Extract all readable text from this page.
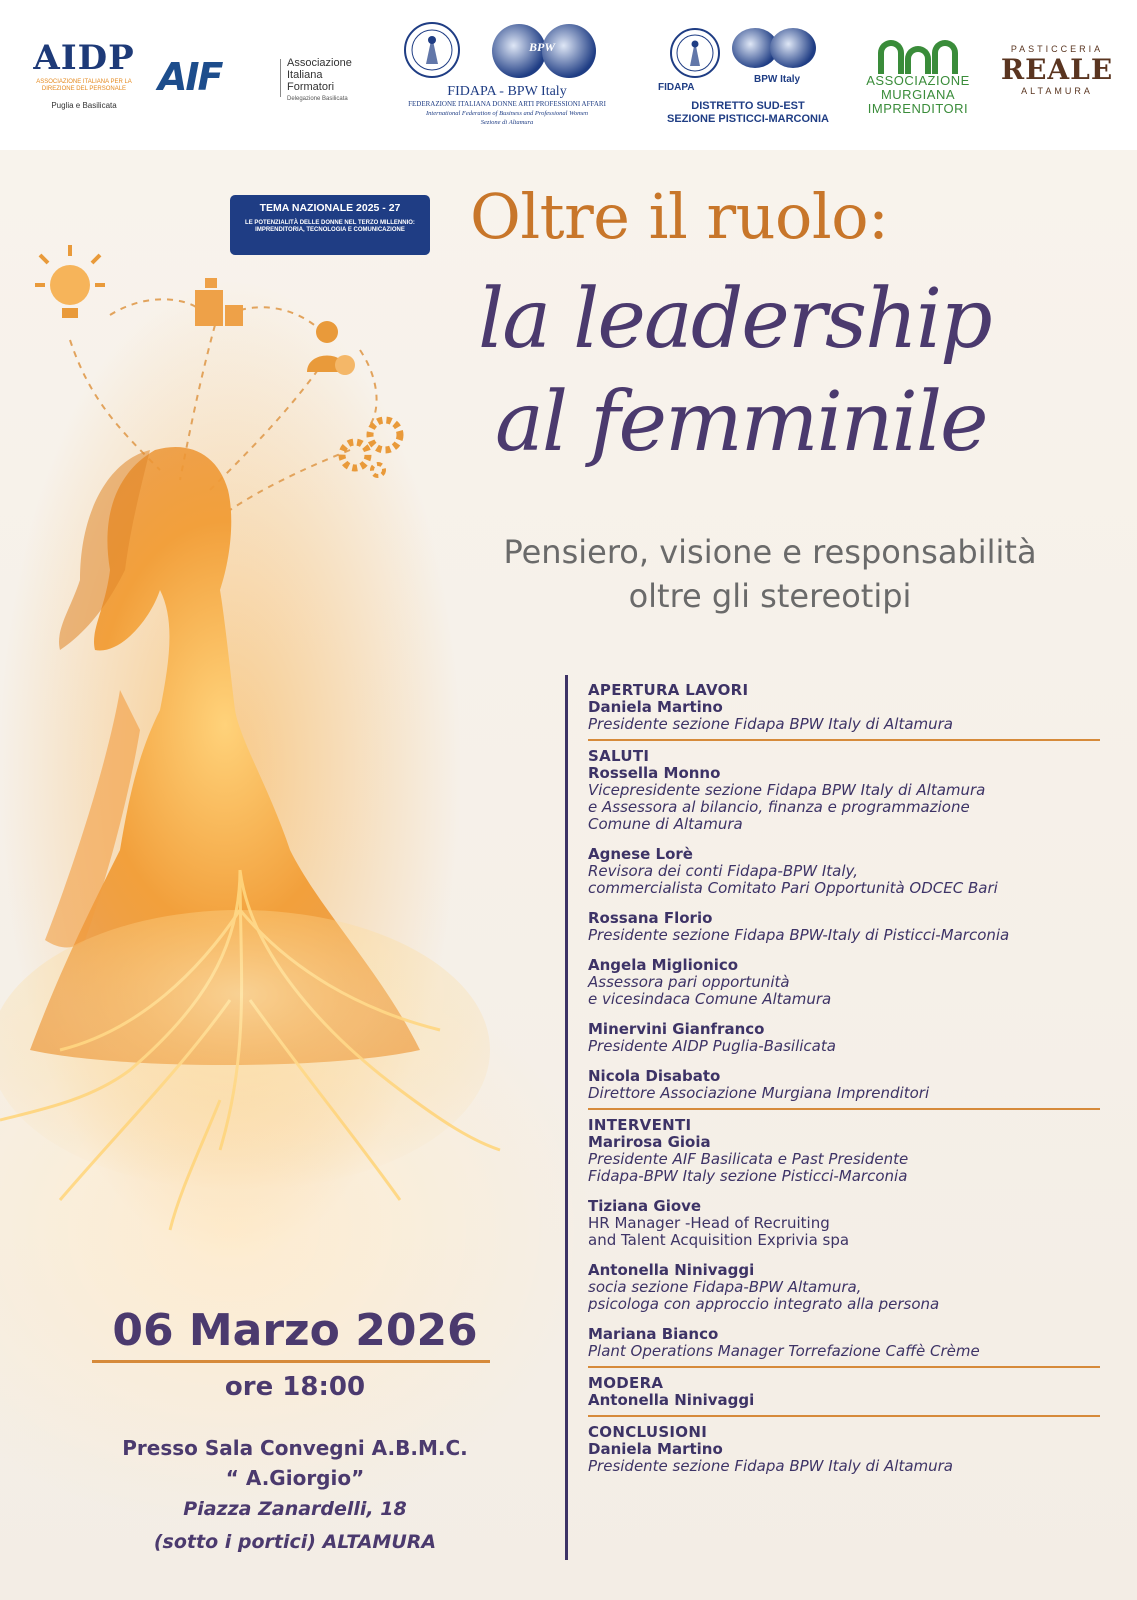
AIDP
ASSOCIAZIONE ITALIANA PER LA DIREZIONE DEL PERSONALE
Puglia e Basilicata
AIF	Associazione
Italiana
Formatori
Delegazione Basilicata
BPW
FIDAPA - BPW Italy
FEDERAZIONE ITALIANA DONNE ARTI PROFESSIONI AFFARI
International Federation of Business and Professional Women
Sezione di Altamura
FIDAPA
BPW Italy
DISTRETTO SUD-EST
SEZIONE PISTICCI-MARCONIA
ASSOCIAZIONE
MURGIANA
IMPRENDITORI
PASTICCERIA
REALE
ALTAMURA
TEMA NAZIONALE 2025 - 27
LE POTENZIALITÀ DELLE DONNE NEL TERZO MILLENNIO: IMPRENDITORIA, TECNOLOGIA E COMUNICAZIONE	Oltre il ruolo:
la leadership
al femminile
Pensiero, visione e responsabilità
oltre gli stereotipi
APERTURA LAVORI
Daniela Martino
Presidente sezione Fidapa BPW Italy di Altamura
SALUTI
Rossella Monno
Vicepresidente sezione Fidapa BPW Italy di Altamura
e Assessora al bilancio, finanza e programmazione
Comune di Altamura
Agnese Lorè
Revisora dei conti Fidapa-BPW Italy,
commercialista Comitato Pari Opportunità ODCEC Bari
Rossana Florio
Presidente sezione Fidapa BPW-Italy di Pisticci-Marconia
Angela Miglionico
Assessora pari opportunità
e vicesindaca Comune Altamura
Minervini Gianfranco
Presidente AIDP Puglia-Basilicata
Nicola Disabato
Direttore Associazione Murgiana Imprenditori
INTERVENTI
Marirosa Gioia
Presidente AIF Basilicata e Past Presidente
Fidapa-BPW Italy sezione Pisticci-Marconia
Tiziana Giove
HR Manager -Head of Recruiting
and Talent Acquisition Exprivia spa
Antonella Ninivaggi
socia sezione Fidapa-BPW Altamura,
psicologa con approccio integrato alla persona
Mariana Bianco
Plant Operations Manager Torrefazione Caffè Crème
MODERA
Antonella Ninivaggi
CONCLUSIONI
Daniela Martino
Presidente sezione Fidapa BPW Italy di Altamura
06 Marzo 2026
ore 18:00
Presso Sala Convegni A.B.M.C.
“ A.Giorgio”
Piazza Zanardelli, 18
(sotto i portici) ALTAMURA
